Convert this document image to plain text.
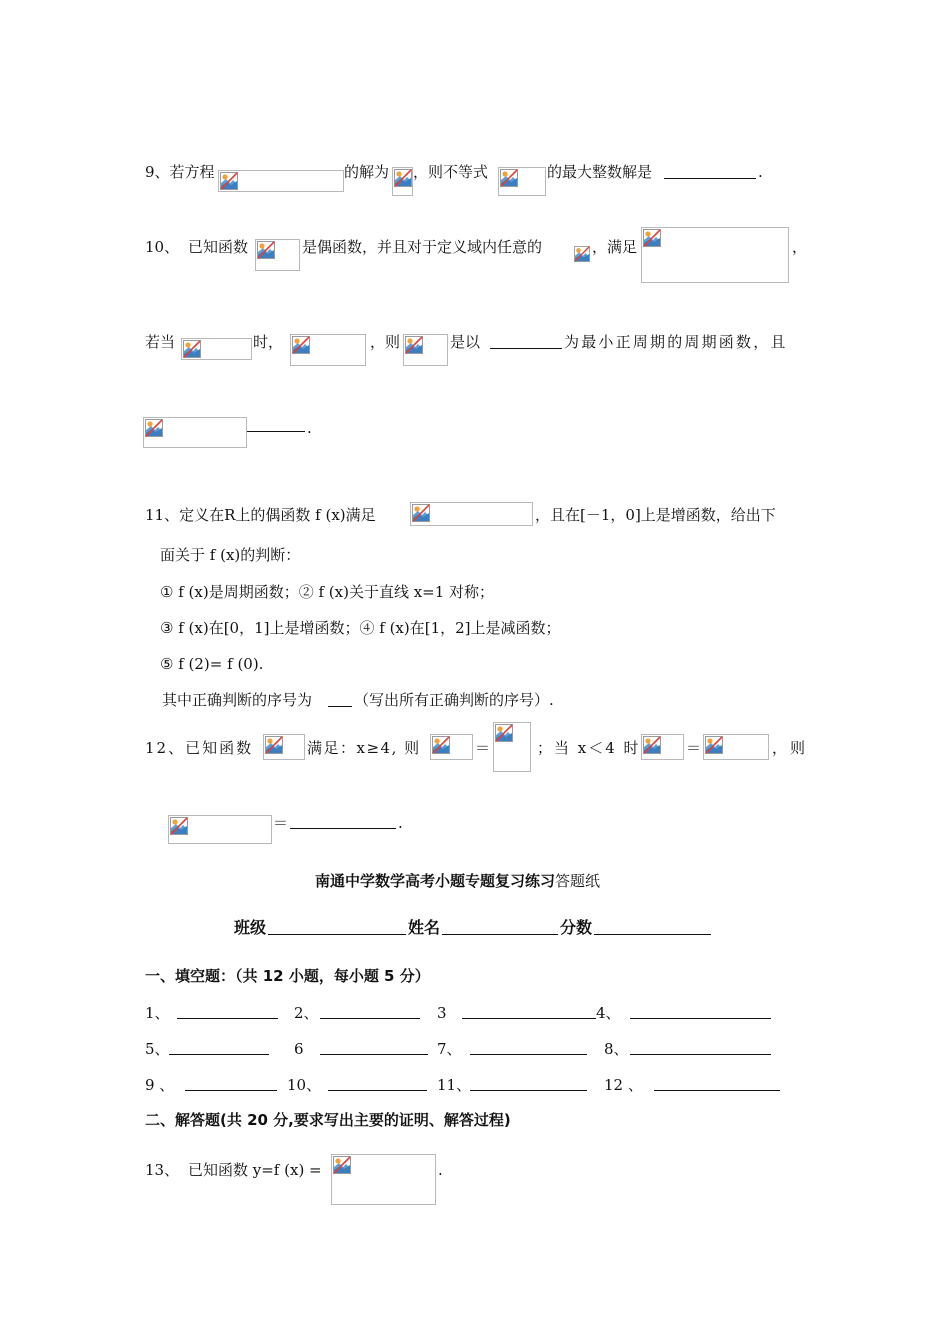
9、若方程	的解为 ，则不等式	的最大整数解是	.
10、 已知函数	是偶函数，并且对于定义域内任意的	，满足	，
若当	时，	，则	是以	为最小正周期的周期函数，且
.
11、定义在R上的偶函数 f (x)满足	，且在[－1，0]上是增函数，给出下
面关于 f (x)的判断：
① f (x)是周期函数；② f (x)关于直线 x=1 对称；
③ f (x)在[0，1]上是增函数；④ f (x)在[1，2]上是减函数；
⑤ f (2)= f (0).
其中正确判断的序号为	（写出所有正确判断的序号）.
12、已知函数	满足：x≥4, 则	＝	；当 x＜4 时	＝	，则
＝	.
南通中学数学高考小题专题复习练习答题纸
班级	姓名	分数
一、填空题：（共 12 小题，每小题 5 分）
1、	2、	3	4、
5、	6	7、	8、
9 、	10、	11、	12 、
二、解答题(共 20 分,要求写出主要的证明、解答过程)
13、 已知函数 y=f (x) =	.
